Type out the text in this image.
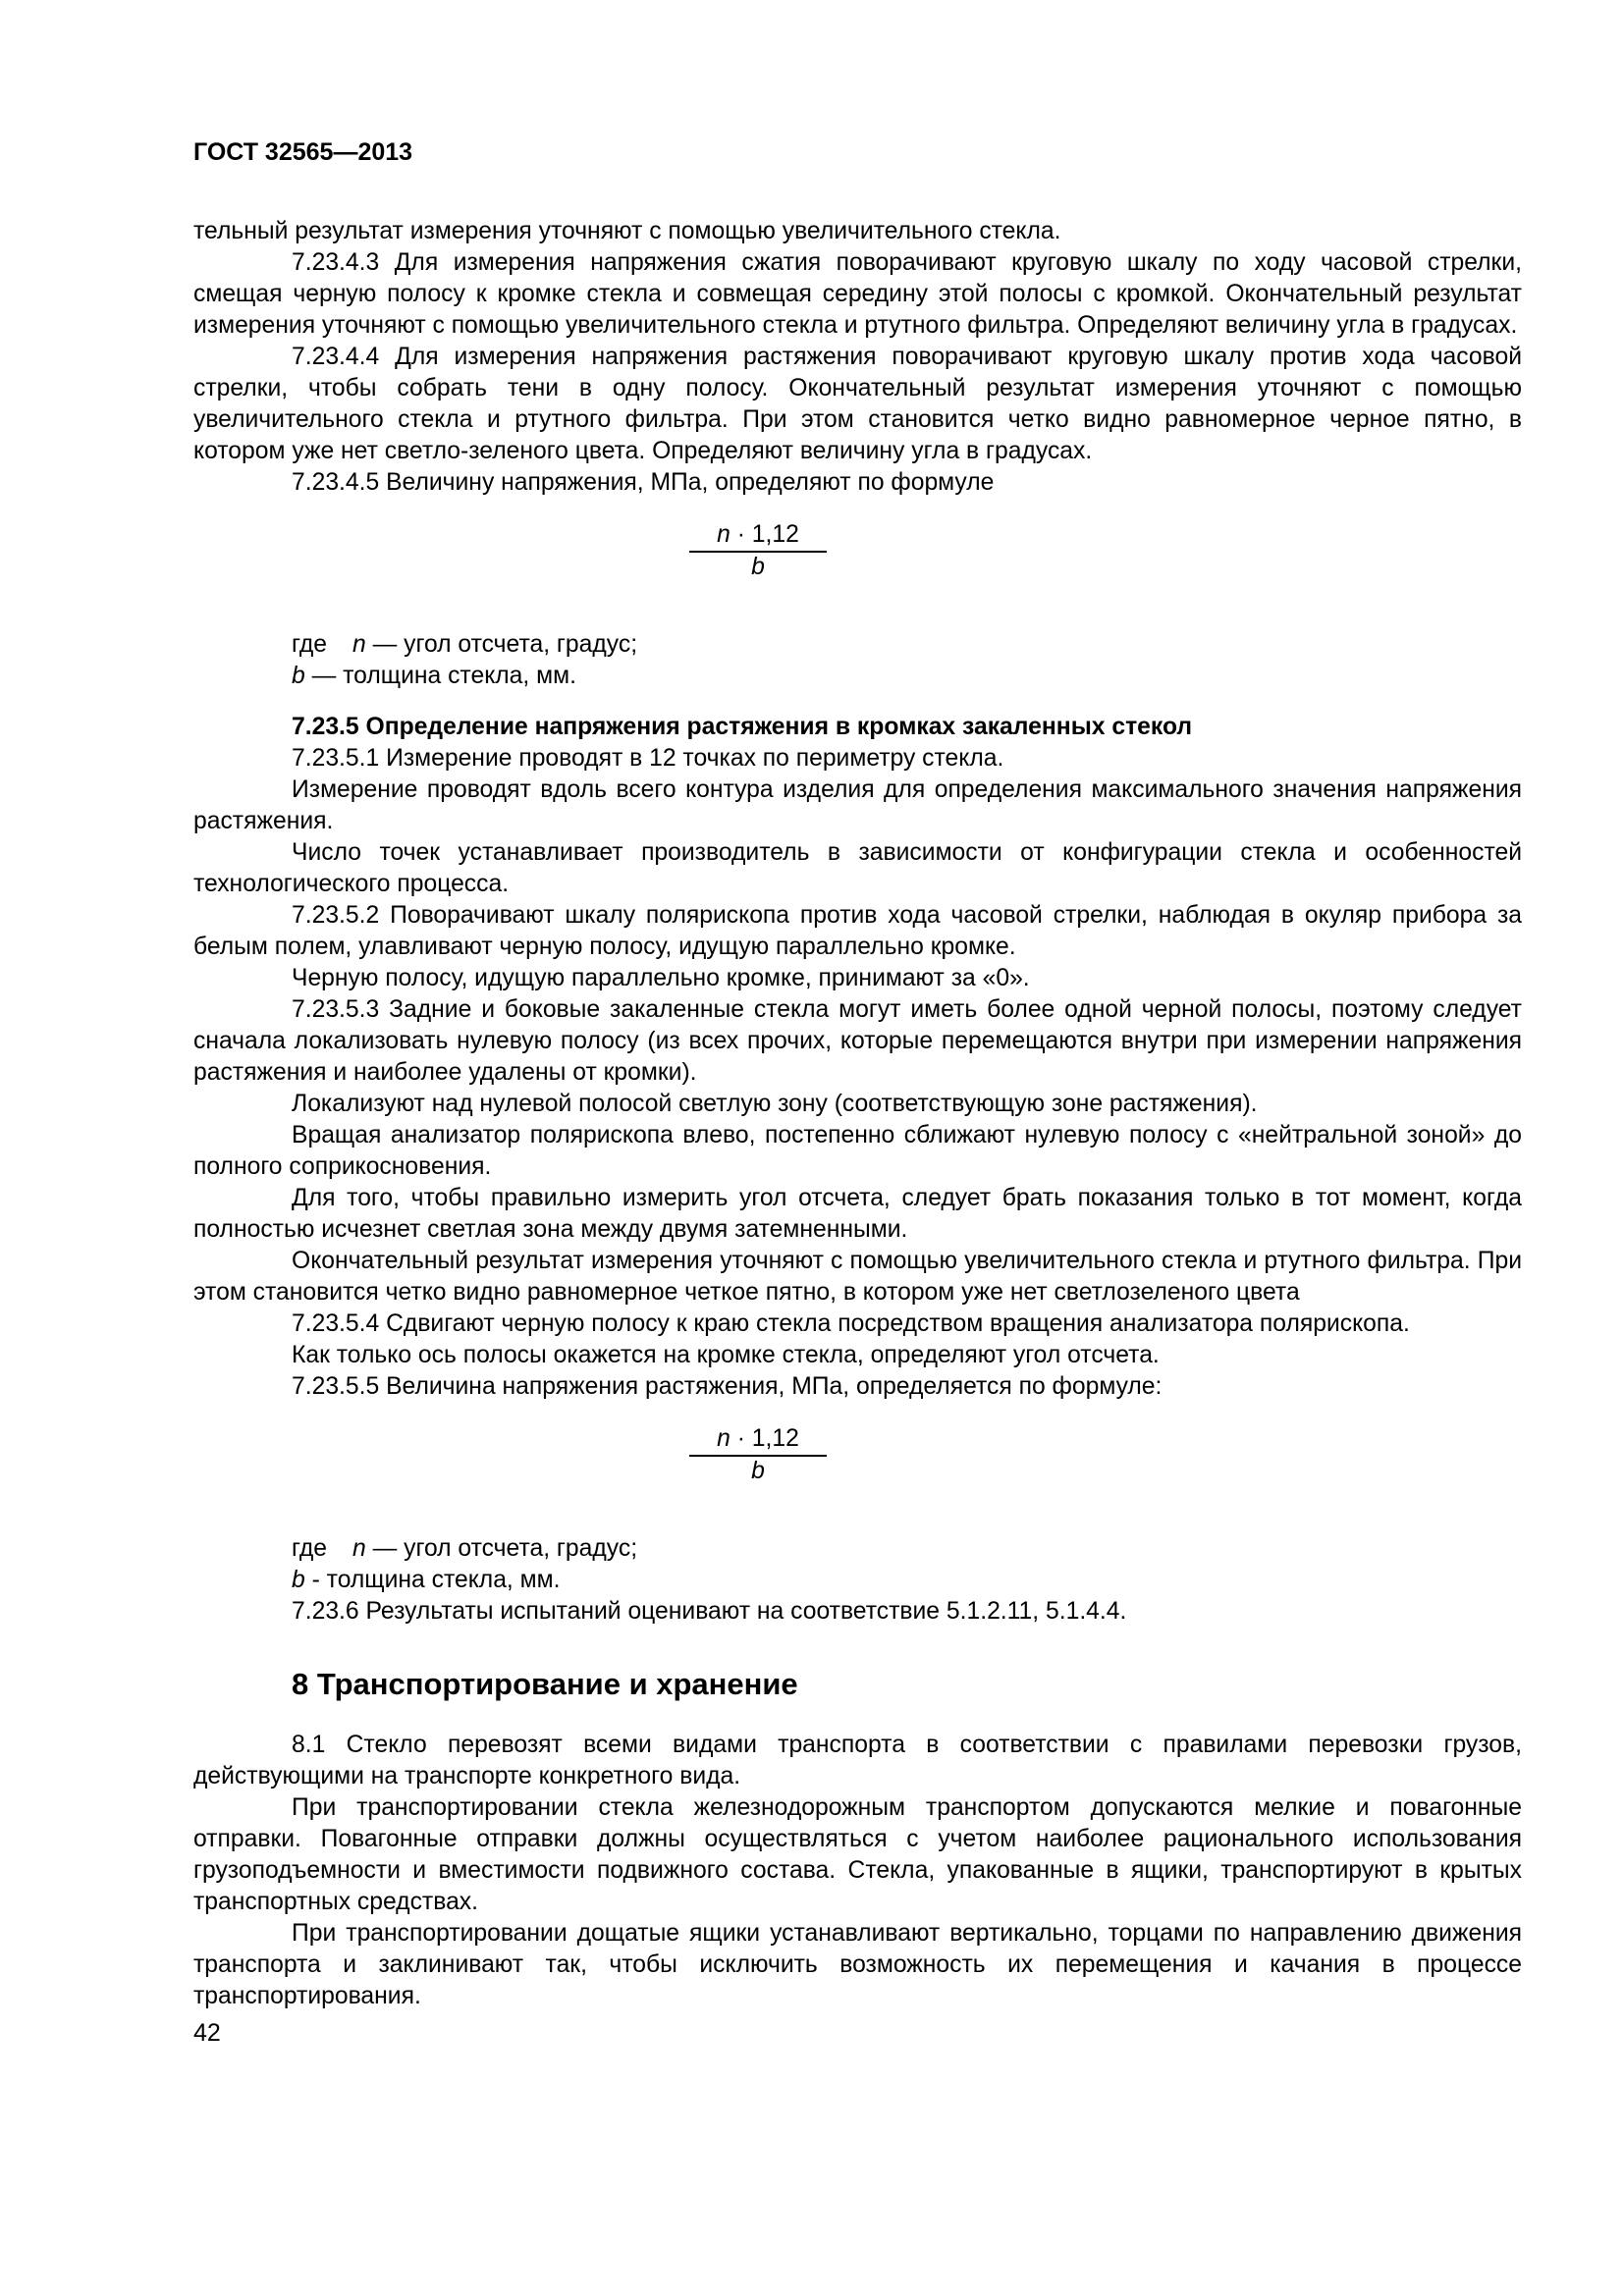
ГОСТ 32565—2013

тельный результат измерения уточняют с помощью увеличительного стекла.

7.23.4.3 Для измерения напряжения сжатия поворачивают круговую шкалу по ходу часовой стрелки, смещая черную полосу к кромке стекла и совмещая середину этой полосы с кромкой. Окончательный результат измерения уточняют с помощью увеличительного стекла и ртутного фильтра. Определяют величину угла в градусах.

7.23.4.4 Для измерения напряжения растяжения поворачивают круговую шкалу против хода часовой стрелки, чтобы собрать тени в одну полосу. Окончательный результат измерения уточняют с помощью увеличительного стекла и ртутного фильтра. При этом становится четко видно равномерное черное пятно, в котором уже нет светло-зеленого цвета. Определяют величину угла в градусах.

7.23.4.5 Величину напряжения, МПа, определяют по формуле

n · 1,12
b
где n — угол отсчета, градус;
b — толщина стекла, мм.
7.23.5 Определение напряжения растяжения в кромках закаленных стекол

7.23.5.1 Измерение проводят в 12 точках по периметру стекла.

Измерение проводят вдоль всего контура изделия для определения максимального значения напряжения растяжения.

Число точек устанавливает производитель в зависимости от конфигурации стекла и особенностей технологического процесса.

7.23.5.2 Поворачивают шкалу полярископа против хода часовой стрелки, наблюдая в окуляр прибора за белым полем, улавливают черную полосу, идущую параллельно кромке.

Черную полосу, идущую параллельно кромке, принимают за «0».

7.23.5.3 Задние и боковые закаленные стекла могут иметь более одной черной полосы, поэтому следует сначала локализовать нулевую полосу (из всех прочих, которые перемещаются внутри при измерении напряжения растяжения и наиболее удалены от кромки).

Локализуют над нулевой полосой светлую зону (соответствующую зоне растяжения).

Вращая анализатор полярископа влево, постепенно сближают нулевую полосу с «нейтральной зоной» до полного соприкосновения.

Для того, чтобы правильно измерить угол отсчета, следует брать показания только в тот момент, когда полностью исчезнет светлая зона между двумя затемненными.

Окончательный результат измерения уточняют с помощью увеличительного стекла и ртутного фильтра. При этом становится четко видно равномерное четкое пятно, в котором уже нет светлозеленого цвета

7.23.5.4 Сдвигают черную полосу к краю стекла посредством вращения анализатора полярископа.

Как только ось полосы окажется на кромке стекла, определяют угол отсчета.

7.23.5.5 Величина напряжения растяжения, МПа, определяется по формуле:

n · 1,12
b
где n — угол отсчета, градус;
b - толщина стекла, мм.

7.23.6 Результаты испытаний оценивают на соответствие 5.1.2.11, 5.1.4.4.

8 Транспортирование и хранение

8.1 Стекло перевозят всеми видами транспорта в соответствии с правилами перевозки грузов, действующими на транспорте конкретного вида.

При транспортировании стекла железнодорожным транспортом допускаются мелкие и повагонные отправки. Повагонные отправки должны осуществляться с учетом наиболее рационального использования грузоподъемности и вместимости подвижного состава. Стекла, упакованные в ящики, транспортируют в крытых транспортных средствах.

При транспортировании дощатые ящики устанавливают вертикально, торцами по направлению движения транспорта и заклинивают так, чтобы исключить возможность их перемещения и качания в процессе транспортирования.

42
